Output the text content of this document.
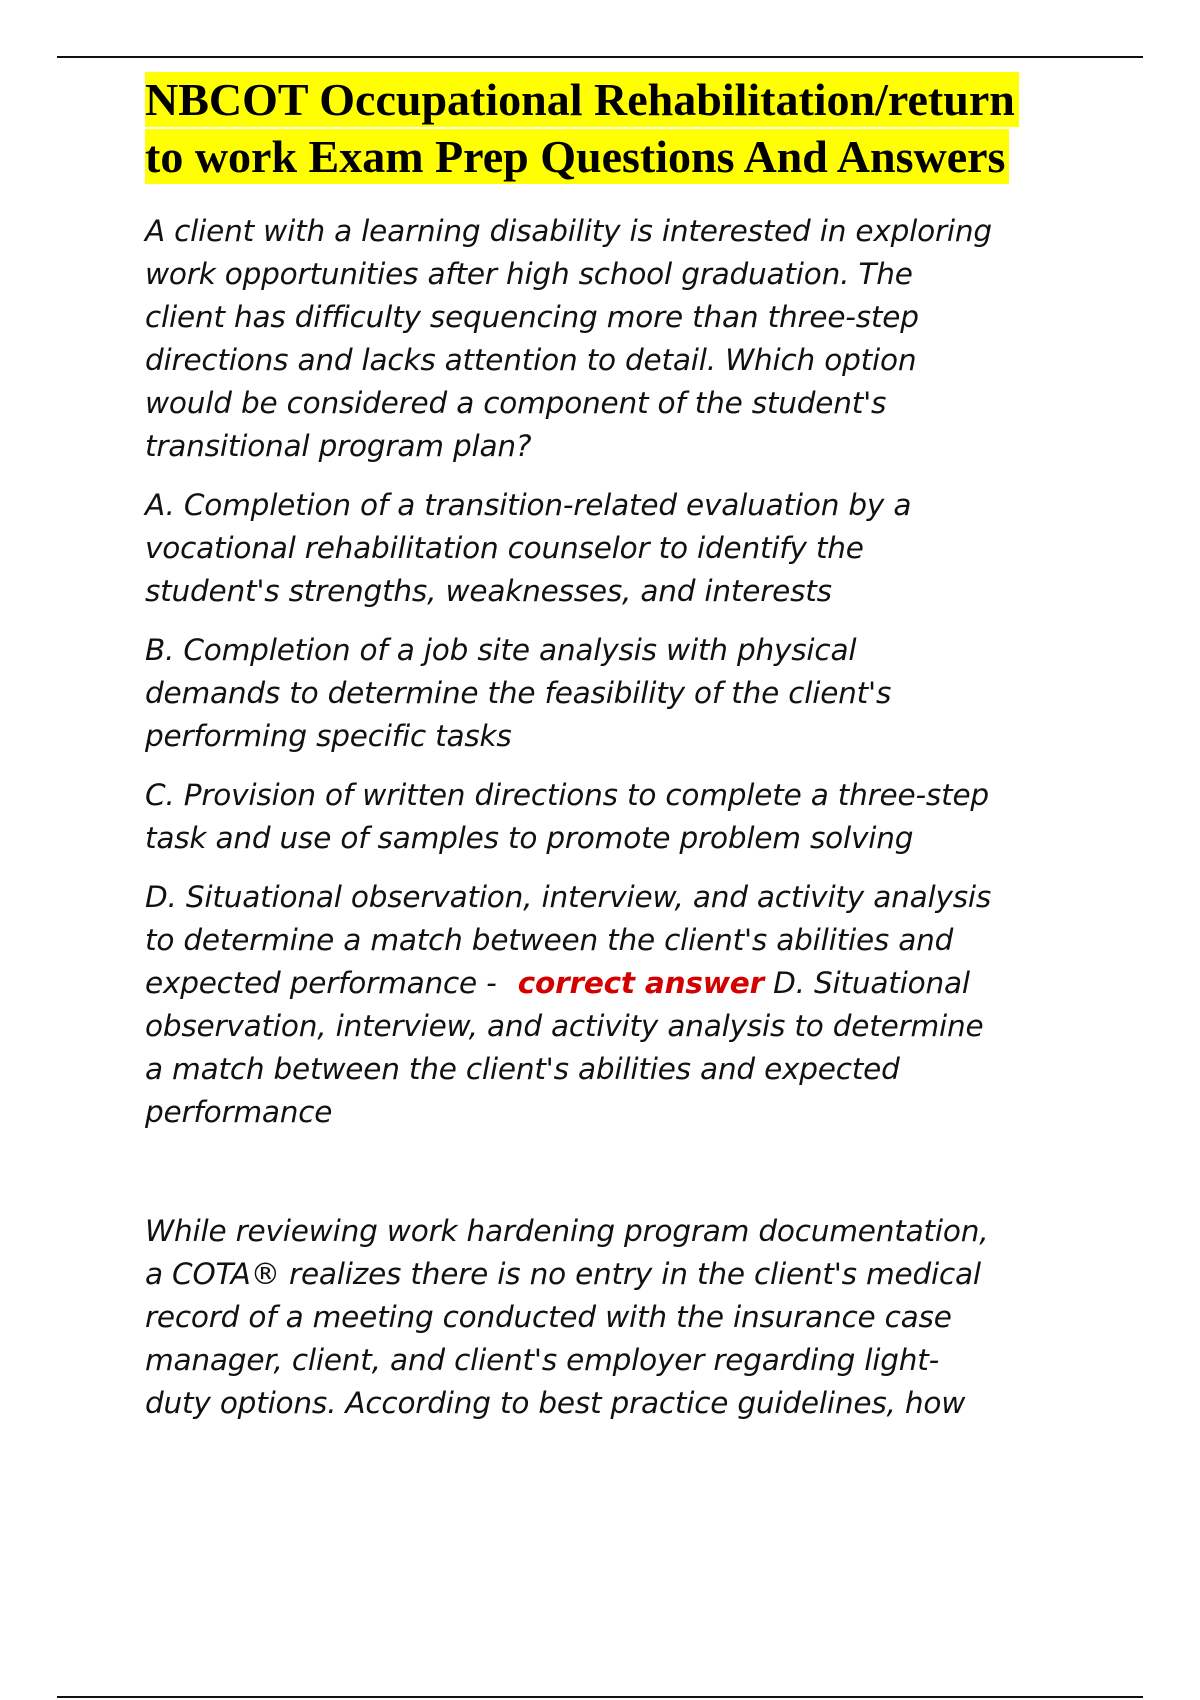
NBCOT Occupational Rehabilitation/return
to work Exam Prep Questions And Answers
A client with a learning disability is interested in exploring
work opportunities after high school graduation. The
client has difficulty sequencing more than three-step
directions and lacks attention to detail. Which option
would be considered a component of the student's
transitional program plan?
A. Completion of a transition-related evaluation by a
vocational rehabilitation counselor to identify the
student's strengths, weaknesses, and interests
B. Completion of a job site analysis with physical
demands to determine the feasibility of the client's
performing specific tasks
C. Provision of written directions to complete a three-step
task and use of samples to promote problem solving
D. Situational observation, interview, and activity analysis
to determine a match between the client's abilities and
expected performance - correct answer D. Situational
observation, interview, and activity analysis to determine
a match between the client's abilities and expected
performance
While reviewing work hardening program documentation,
a COTA® realizes there is no entry in the client's medical
record of a meeting conducted with the insurance case
manager, client, and client's employer regarding light-
duty options. According to best practice guidelines, how
